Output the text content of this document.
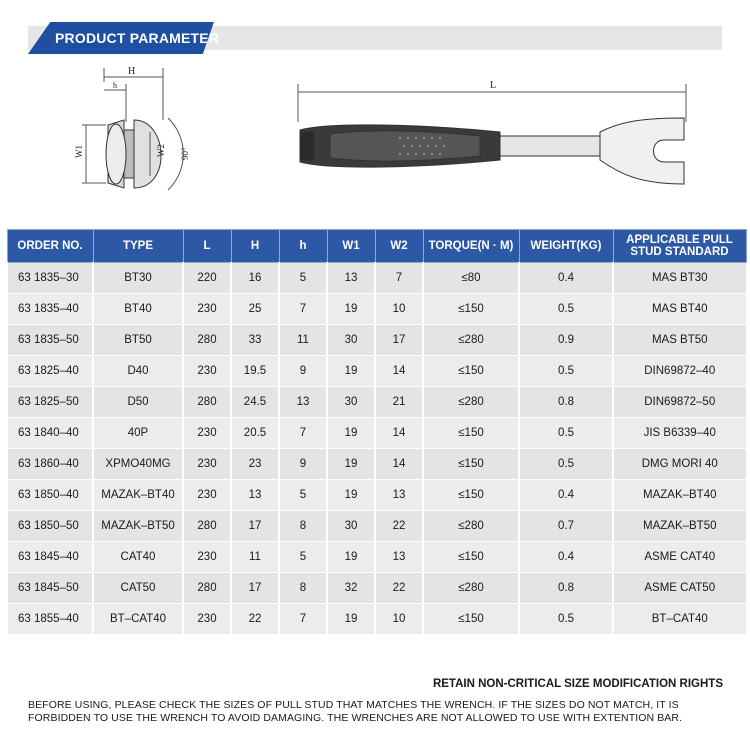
PRODUCT PARAMETER
H
h
W1	W2 90°
L
ORDER NO.	TYPE	L	H	h	W1	W2	TORQUE(N · M)	WEIGHT(KG)	APPLICABLE PULL STUD STANDARD
63 1835–30	BT30	220	16	5	13	7	≤80	0.4	MAS BT30
63 1835–40	BT40	230	25	7	19	10	≤150	0.5	MAS BT40
63 1835–50	BT50	280	33	11	30	17	≤280	0.9	MAS BT50
63 1825–40	D40	230	19.5	9	19	14	≤150	0.5	DIN69872–40
63 1825–50	D50	280	24.5	13	30	21	≤280	0.8	DIN69872–50
63 1840–40	40P	230	20.5	7	19	14	≤150	0.5	JIS B6339–40
63 1860–40	XPMO40MG	230	23	9	19	14	≤150	0.5	DMG MORI 40
63 1850–40	MAZAK–BT40	230	13	5	19	13	≤150	0.4	MAZAK–BT40
63 1850–50	MAZAK–BT50	280	17	8	30	22	≤280	0.7	MAZAK–BT50
63 1845–40	CAT40	230	11	5	19	13	≤150	0.4	ASME CAT40
63 1845–50	CAT50	280	17	8	32	22	≤280	0.8	ASME CAT50
63 1855–40	BT–CAT40	230	22	7	19	10	≤150	0.5	BT–CAT40
RETAIN NON-CRITICAL SIZE MODIFICATION RIGHTS
BEFORE USING, PLEASE CHECK THE SIZES OF PULL STUD THAT MATCHES THE WRENCH. IF THE SIZES DO NOT MATCH, IT IS FORBIDDEN TO USE THE WRENCH TO AVOID DAMAGING. THE WRENCHES ARE NOT ALLOWED TO USE WITH EXTENTION BAR.
